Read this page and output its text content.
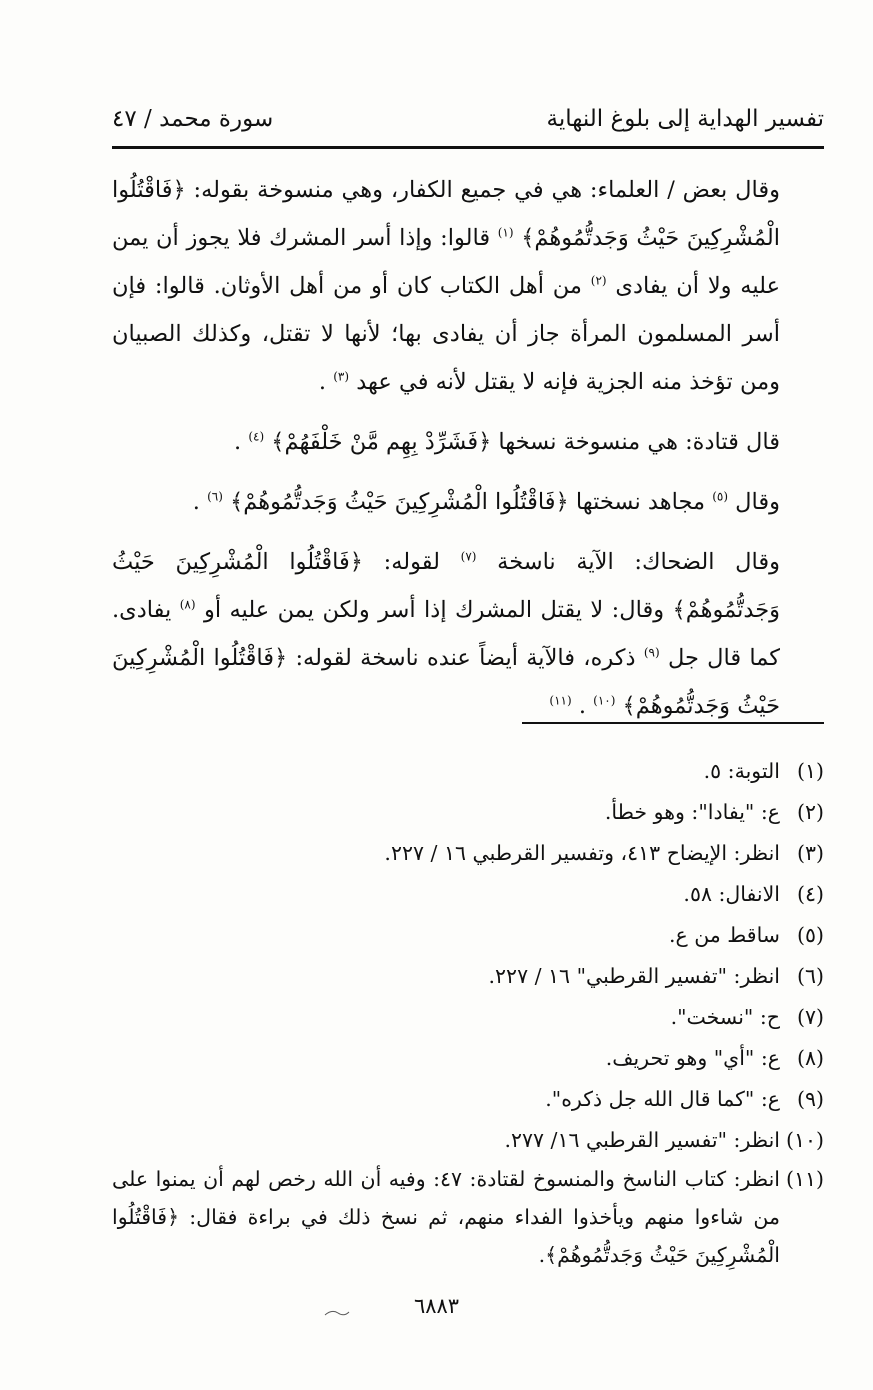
تفسير الهداية إلى بلوغ النهاية
سورة محمد / ٤٧

وقال بعض / العلماء: هي في جميع الكفار، وهي منسوخة بقوله: ﴿فَاقْتُلُوا الْمُشْرِكِينَ حَيْثُ وَجَدتُّمُوهُمْ﴾ $^{(١)}$ قالوا: وإذا أسر المشرك فلا يجوز أن يمن عليه ولا أن يفادى $^{(٢)}$ من أهل الكتاب كان أو من أهل الأوثان. قالوا: فإن أسر المسلمون المرأة جاز أن يفادى بها؛ لأنها لا تقتل، وكذلك الصبيان ومن تؤخذ منه الجزية فإنه لا يقتل لأنه في عهد $^{(٣)}$ .

قال قتادة: هي منسوخة نسخها ﴿فَشَرِّدْ بِهِم مَّنْ خَلْفَهُمْ﴾ $^{(٤)}$ .

وقال $^{(٥)}$ مجاهد نسختها ﴿فَاقْتُلُوا الْمُشْرِكِينَ حَيْثُ وَجَدتُّمُوهُمْ﴾ $^{(٦)}$ .

وقال الضحاك: الآية ناسخة $^{(٧)}$ لقوله: ﴿فَاقْتُلُوا الْمُشْرِكِينَ حَيْثُ وَجَدتُّمُوهُمْ﴾ وقال: لا يقتل المشرك إذا أسر ولكن يمن عليه أو $^{(٨)}$ يفادى. كما قال جل $^{(٩)}$ ذكره، فالآية أيضاً عنده ناسخة لقوله: ﴿فَاقْتُلُوا الْمُشْرِكِينَ حَيْثُ وَجَدتُّمُوهُمْ﴾ $^{(١٠)}$ . $^{(١١)}$

(١)
التوبة: ٥.
(٢)
ع: "يفادا": وهو خطأ.
(٣)
انظر: الإيضاح ٤١٣، وتفسير القرطبي ١٦ / ٢٢٧.
(٤)
الانفال: ٥٨.
(٥)
ساقط من ع.
(٦)
انظر: "تفسير القرطبي" ١٦ / ٢٢٧.
(٧)
ح: "نسخت".
(٨)
ع: "أي" وهو تحريف.
(٩)
ع: "كما قال الله جل ذكره".
(١٠)
انظر: "تفسير القرطبي ١٦/ ٢٧٧.
(١١)
انظر: كتاب الناسخ والمنسوخ لقتادة: ٤٧: وفيه أن الله رخص لهم أن يمنوا على من شاءوا منهم ويأخذوا الفداء منهم، ثم نسخ ذلك في براءة فقال: ﴿فَاقْتُلُوا الْمُشْرِكِينَ حَيْثُ وَجَدتُّمُوهُمْ﴾.
٦٨٨٣
